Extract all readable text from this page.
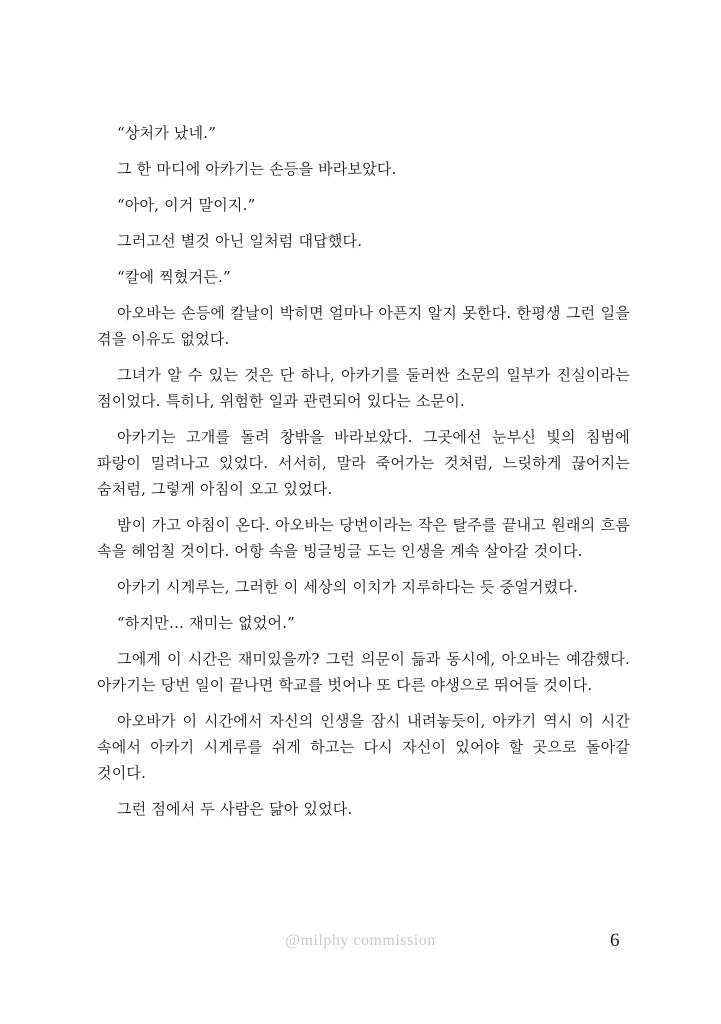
“상처가 났네.”

그 한 마디에 아카기는 손등을 바라보았다.

“아아, 이거 말이지.”

그러고선 별것 아닌 일처럼 대답했다.

“칼에 찍혔거든.”

아오바는 손등에 칼날이 박히면 얼마나 아픈지 알지 못한다. 한평생 그런 일을 겪을 이유도 없었다.

그녀가 알 수 있는 것은 단 하나, 아카기를 둘러싼 소문의 일부가 진실이라는 점이었다. 특히나, 위험한 일과 관련되어 있다는 소문이.

아카기는 고개를 돌려 창밖을 바라보았다. 그곳에선 눈부신 빛의 침범에 파랑이 밀려나고 있었다. 서서히, 말라 죽어가는 것처럼, 느릿하게 끊어지는 숨처럼, 그렇게 아침이 오고 있었다.

밤이 가고 아침이 온다. 아오바는 당번이라는 작은 탈주를 끝내고 원래의 흐름 속을 헤엄칠 것이다. 어항 속을 빙글빙글 도는 인생을 계속 살아갈 것이다.

아카기 시게루는, 그러한 이 세상의 이치가 지루하다는 듯 중얼거렸다.

“하지만… 재미는 없었어.”

그에게 이 시간은 재미있을까? 그런 의문이 듦과 동시에, 아오바는 예감했다. 아카기는 당번 일이 끝나면 학교를 벗어나 또 다른 야생으로 뛰어들 것이다.

아오바가 이 시간에서 자신의 인생을 잠시 내려놓듯이, 아카기 역시 이 시간 속에서 아카기 시게루를 쉬게 하고는 다시 자신이 있어야 할 곳으로 돌아갈 것이다.

그런 점에서 두 사람은 닮아 있었다.

@milphy commission	6
